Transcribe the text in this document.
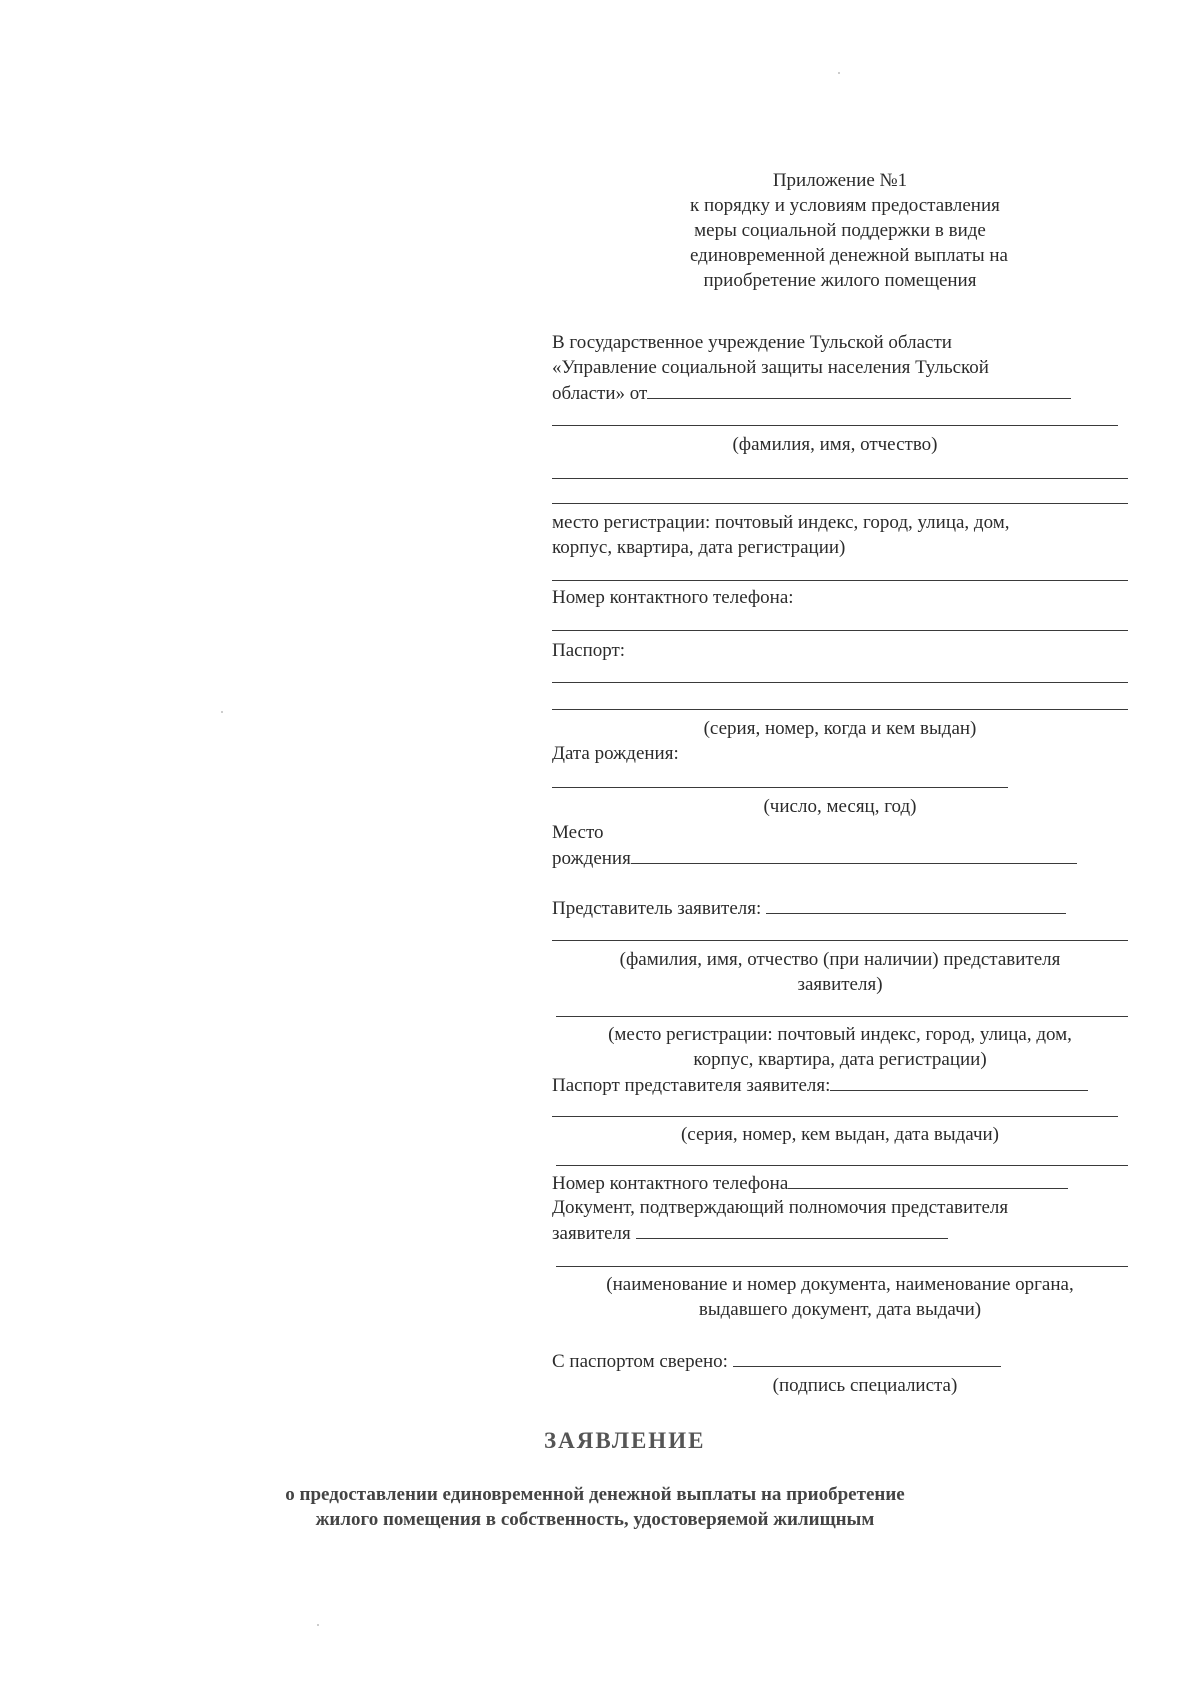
Приложение №1
к порядку и условиям предоставления
меры социальной поддержки в виде
единовременной денежной выплаты на
приобретение жилого помещения
В государственное учреждение Тульской области
«Управление социальной защиты населения Тульской
области» от
(фамилия, имя, отчество)
место регистрации: почтовый индекс, город, улица, дом,
корпус, квартира, дата регистрации)
Номер контактного телефона:
Паспорт:
(серия, номер, когда и кем выдан)
Дата рождения:
(число, месяц, год)
Место
рождения
Представитель заявителя:
(фамилия, имя, отчество (при наличии) представителя
заявителя)
(место регистрации: почтовый индекс, город, улица, дом,
корпус, квартира, дата регистрации)
Паспорт представителя заявителя:
(серия, номер, кем выдан, дата выдачи)
Номер контактного телефона
Документ, подтверждающий полномочия представителя
заявителя
(наименование и номер документа, наименование органа,
выдавшего документ, дата выдачи)
С паспортом сверено:
(подпись специалиста)
ЗАЯВЛЕНИЕ
о предоставлении единовременной денежной выплаты на приобретение
жилого помещения в собственность, удостоверяемой жилищным
